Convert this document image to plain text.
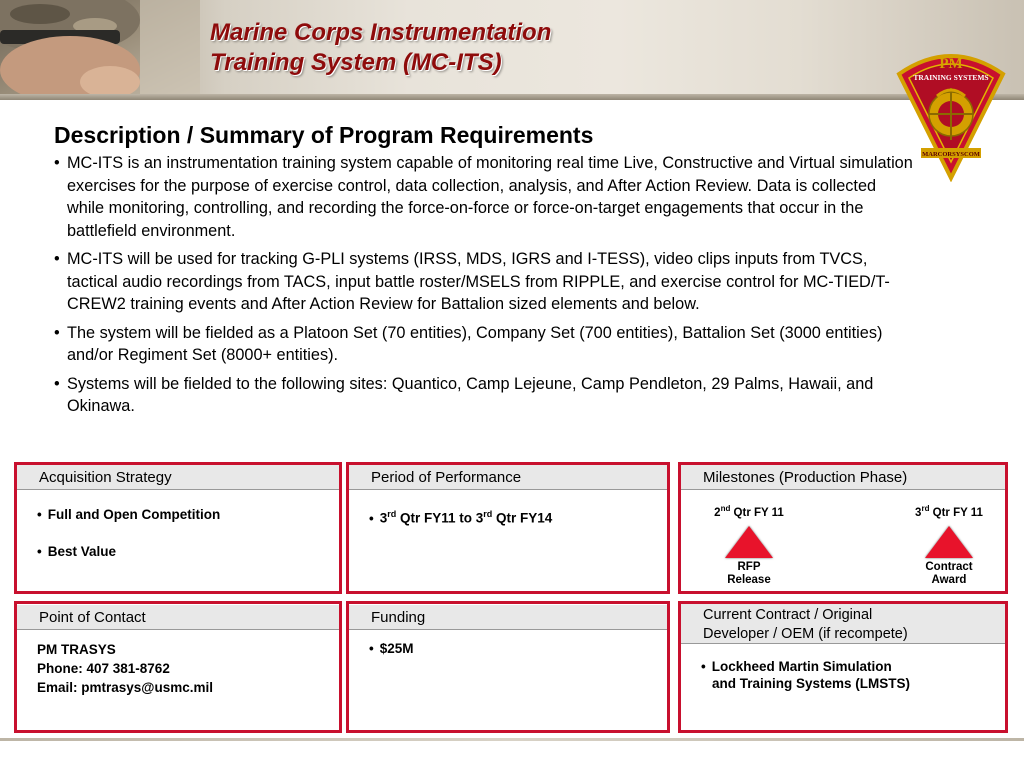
Marine Corps Instrumentation
Training System (MC-ITS)	PM
TRAINING SYSTEMS
MARCORSYSCOM
Description / Summary of Program Requirements
• MC-ITS is an instrumentation training system capable of monitoring real time Live, Constructive and Virtual simulation exercises for the purpose of exercise control, data collection, analysis, and After Action Review. Data is collected while monitoring, controlling, and recording the force-on-force or force-on-target engagements that occur in the battlefield environment.
• MC-ITS will be used for tracking G-PLI systems (IRSS, MDS, IGRS and I-TESS), video clips inputs from TVCS, tactical audio recordings from TACS, input battle roster/MSELS from RIPPLE, and exercise control for MC-TIED/T-CREW2 training events and After Action Review for Battalion sized elements and below.
• The system will be fielded as a Platoon Set (70 entities), Company Set (700 entities), Battalion Set (3000 entities) and/or Regiment Set (8000+ entities).
• Systems will be fielded to the following sites: Quantico, Camp Lejeune, Camp Pendleton, 29 Palms, Hawaii, and Okinawa.
Acquisition Strategy
• Full and Open Competition
• Best Value
Period of Performance
• 3rd Qtr FY11 to 3rd Qtr FY14
Milestones (Production Phase)
2nd Qtr FY 11
RFP
Release
3rd Qtr FY 11
Contract
Award
Point of Contact
PM TRASYS
Phone: 407 381-8762
Email: pmtrasys@usmc.mil
Funding
• $25M
Current Contract / Original
Developer / OEM (if recompete)
• Lockheed Martin Simulation
and Training Systems (LMSTS)
